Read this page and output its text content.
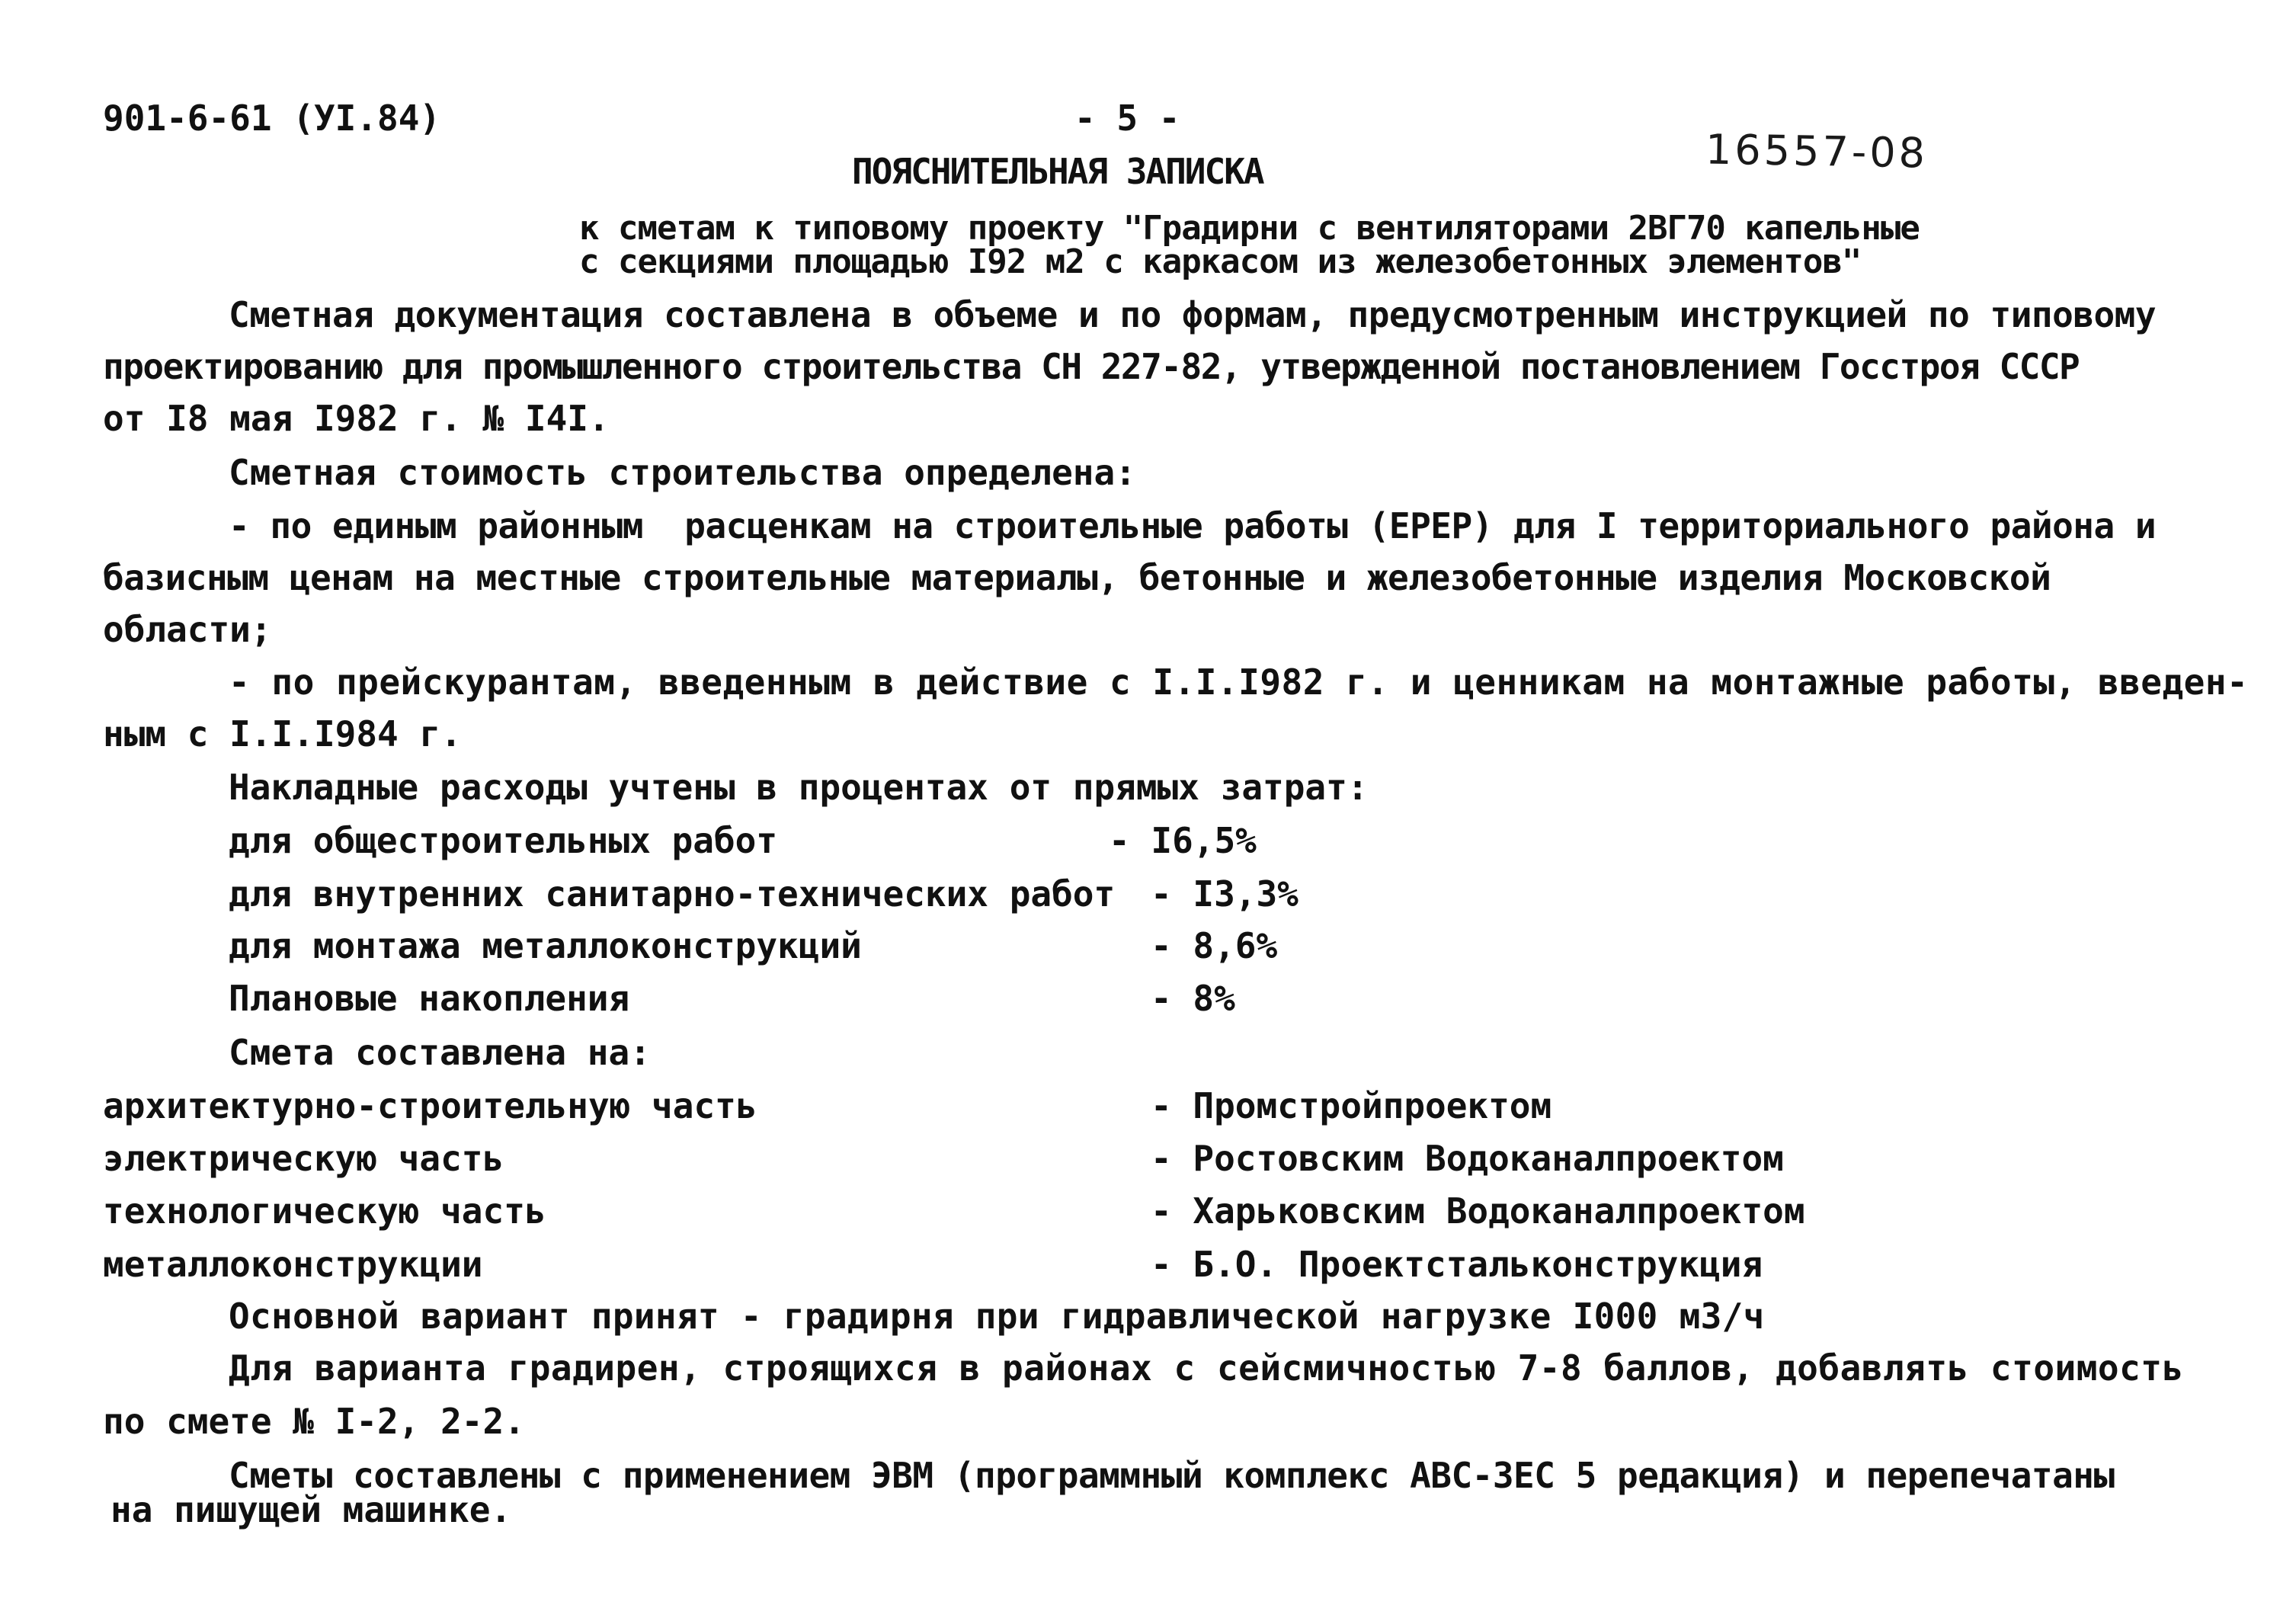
901-6-61 (УI.84)	- 5 -
16557-08
ПОЯСНИТЕЛЬНАЯ ЗАПИСКА
к сметам к типовому проекту "Градирни с вентиляторами 2ВГ70 капельные
с секциями площадью I92 м2 с каркасом из железобетонных элементов"
Сметная документация составлена в объеме и по формам, предусмотренным инструкцией по типовому
проектированию для промышленного строительства СН 227-82, утвержденной постановлением Госстроя СССР
от I8 мая I982 г. № I4I.
Сметная стоимость строительства определена:
- по единым районным  расценкам на строительные работы (ЕРЕР) для I территориального района и
базисным ценам на местные строительные материалы, бетонные и железобетонные изделия Московской
области;
- по прейскурантам, введенным в действие с I.I.I982 г. и ценникам на монтажные работы, введен-
ным с I.I.I984 г.
Накладные расходы учтены в процентах от прямых затрат:
для общестроительных работ	- I6,5%
для внутренних санитарно-технических работ - I3,3%
для монтажа металлоконструкций	- 8,6%
Плановые накопления	- 8%
Смета составлена на:
архитектурно-строительную часть	- Промстройпроектом
электрическую часть	- Ростовским Водоканалпроектом
технологическую часть	- Харьковским Водоканалпроектом
металлоконструкции	- Б.О. Проектстальконструкция
Основной вариант принят - градирня при гидравлической нагрузке I000 м3/ч
Для варианта градирен, строящихся в районах с сейсмичностью 7-8 баллов, добавлять стоимость
по смете № I-2, 2-2.
Сметы составлены с применением ЭВМ (программный комплекс АВС-ЗЕС 5 редакция) и перепечатаны
на пишущей машинке.
